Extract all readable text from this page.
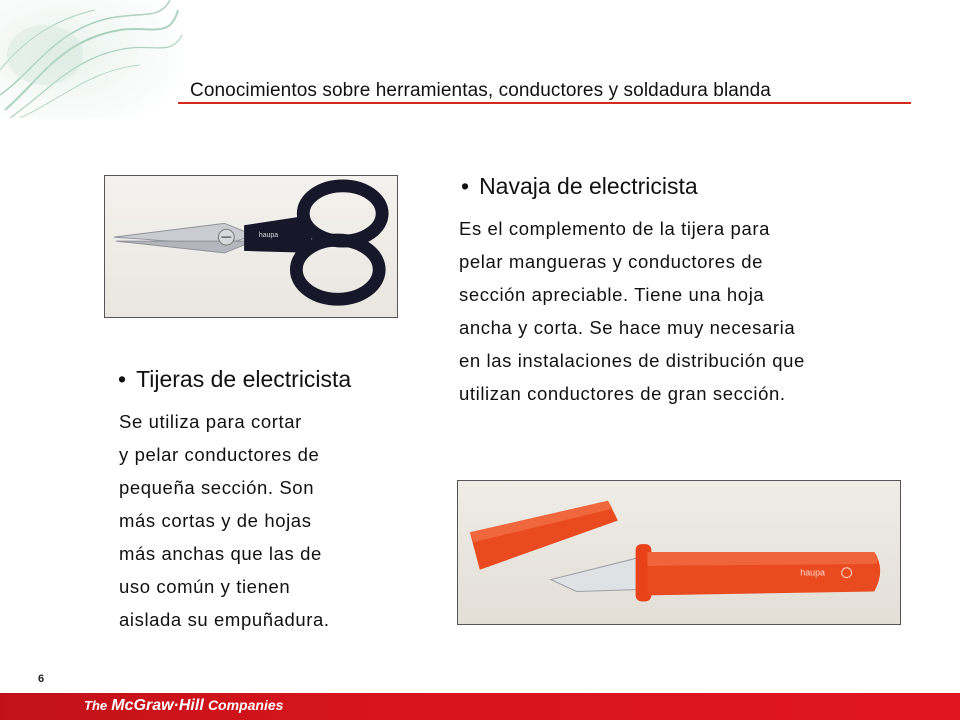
Conocimientos sobre herramientas, conductores y soldadura blanda
haupa
• Navaja de electricista
Es el complemento de la tijera para
pelar mangueras y conductores de
sección apreciable. Tiene una hoja
ancha y corta. Se hace muy necesaria
en las instalaciones de distribución que
utilizan conductores de gran sección.
• Tijeras de electricista
Se utiliza para cortar
y pelar conductores de
pequeña sección. Son
más cortas y de hojas
más anchas que las de
uso común y tienen
aislada su empuñadura.
haupa
6
The McGraw·Hill Companies
